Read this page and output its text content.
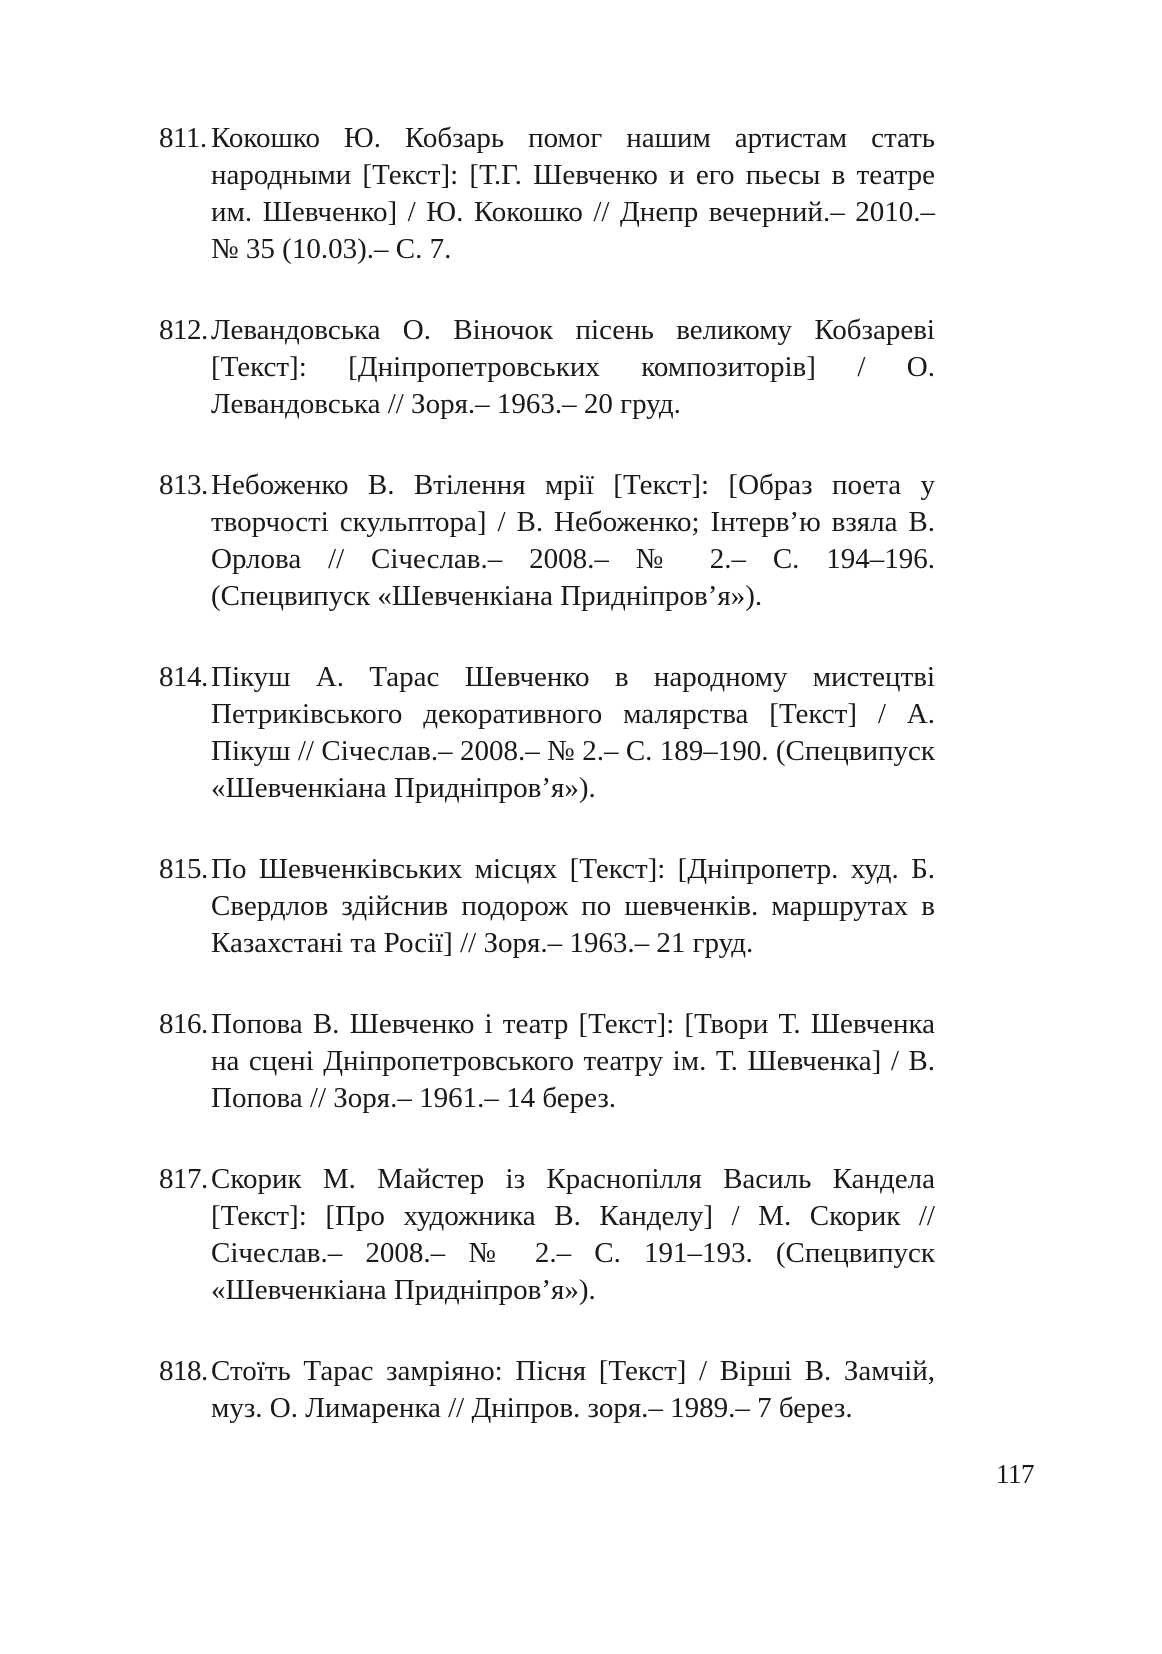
811. Кокошко Ю. Кобзарь помог нашим артистам стать народными [Текст]: [Т.Г. Шевченко и его пьесы в театре им. Шевченко] / Ю. Кокошко // Днепр вечерний.– 2010.– № 35 (10.03).– С. 7.
812. Левандовська О. Віночок пісень великому Кобзареві [Текст]: [Дніпропетровських композиторів] / О. Левандовська // Зоря.– 1963.– 20 груд.
813. Небоженко В. Втілення мрії [Текст]: [Образ поета у творчості скульптора] / В. Небоженко; Інтерв’ю взяла В. Орлова // Січеслав.– 2008.– № 2.– С. 194–196. (Спецвипуск «Шевченкіана Придніпров’я»).
814. Пікуш А. Тарас Шевченко в народному мистецтві Петриківського декоративного малярства [Текст] / А. Пікуш // Січеслав.– 2008.– № 2.– С. 189–190. (Спецвипуск «Шевченкіана Придніпров’я»).
815. По Шевченківських місцях [Текст]: [Дніпропетр. худ. Б. Свердлов здійснив подорож по шевченків. маршрутах в Казахстані та Росії] // Зоря.– 1963.– 21 груд.
816. Попова В. Шевченко і театр [Текст]: [Твори Т. Шевченка на сцені Дніпропетровського театру ім. Т. Шевченка] / В. Попова // Зоря.– 1961.– 14 берез.
817. Скорик М. Майстер із Краснопілля Василь Кандела [Текст]: [Про художника В. Канделу] / М. Скорик // Січеслав.– 2008.– № 2.– С. 191–193. (Спецвипуск «Шевченкіана Придніпров’я»).
818. Стоїть Тарас замріяно: Пісня [Текст] / Вірші В. Замчій, муз. О. Лимаренка // Дніпров. зоря.– 1989.– 7 берез.
117
